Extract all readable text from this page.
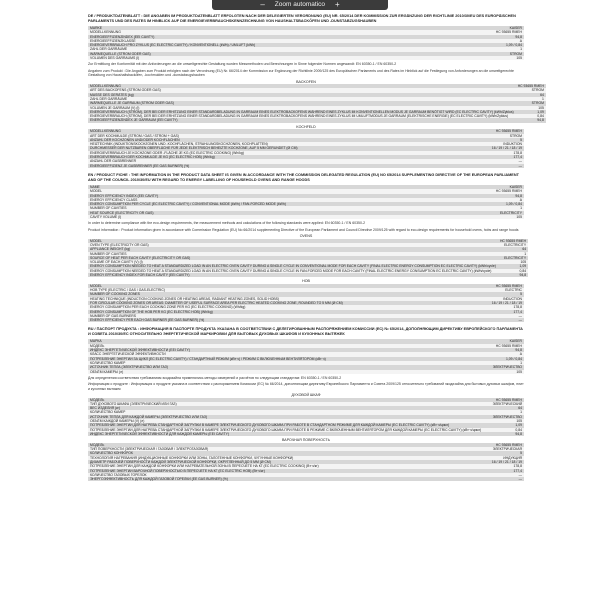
–	Zoom automatico	+

DE / PRODUKTDATENBLATT : DIE ANGABEN IM PRODUKTDATENBLATT ERFOLGTEN NACH DER DELEGIERTEN VERORDNUNG (EU) NR. 65/2014 DER KOMMISSION ZUR ERGÄNZUNG DER RICHTLINIE 2010/30/EU DES EUROPÄISCHEN PARLAMENTS UND DES RATES IM HINBLICK AUF DIE ENERGIEVERBRAUCHSKENNZEICHNUNG VON HAUSHALTSBACKÖFEN UND -DUNSTABZUGSHAUBEN

MARKE	KAISER
MODELLKENNUNG	HC 93655 RMEH
ENERGIEEFFIZIENZINDEX (EEI CAVITY)	94,8
ENERGIEEFFIZIENZKLASSE	A
ENERGIEVERBRAUCH PRO ZYKLUS (EC ELECTRIC CAVITY) / KONVENTIONELL (kWh) / UMLUFT (kWh)	1,09 / 0,84
ZAHL DER GARRÄUME	1
WÄRMEQUELLE (STROM ODER GAS)	STROM
VOLUMEN DES GARRAUMS (l)	105

Zur Ermittlung der Konformität mit den Anforderungen an die umweltgerechte Gestaltung wurden Messmethoden und Berechnungen in Sinne folgender Normen angewandt: EN 60350-1 / EN 60350-2

Angaben zum Produkt : Die Angaben zum Produkt erfolgten nach der Verordnung (EU) Nr. 66/2014 der Kommission zur Ergänzung der Richtlinie 2009/125 des Europäischen Parlaments und des Rates im Hinblick auf die Festlegung von Anforderungen an die umweltgerechte Gestaltung von Haushaltsbacköfen, -kochmulden und -dunstabzugshauben

BACKOFEN

MODELLKENNUNG	HC 93655 RMEH
ART DES BACKOFENS (STROM ODER GAS)	STROM
MASSE DES GERÄTES (kg)	64
ZAHL DER GARRÄUME	1
WÄRMEQUELLE JE GARRAUM (STROM ODER GAS)	STROM
VOLUMEN JE GARRAUM (V) (l)	105
ENERGIEVERBRAUCH (STROM), DER BEI DER ERHITZUNG EINER STANDARDBELADUNG IN GARRAUM EINES ELEKTROBACKOFENS WÄHREND EINES ZYKLUS IM KONVENTIONELLEN MODUS JE GARRAUM BENÖTIGT WIRD (EC ELECTRIC CAVITY) (kWh/Zyklus)	1,09
ENERGIEVERBRAUCH (STROM), DER BEI DER ERHITZUNG EINER STANDARDBELADUNG IN GARRAUM EINES ELEKTROBACKOFENS WÄHREND EINES ZYKLUS IM UMLUFTMODUS JE GARRAUM (ELEKTRISCHE ENERGIE) (EC ELECTRIC CAVITY) (kWh/Zyklus)	0,84
ENERGIEEFFIZIENZINDEX JE GARRAUM (EEI CAVITY)	94,8

KOCHFELD

MODELLKENNUNG	HC 93655 RMEH
ART DER KOCHMULDE (STROM / GAS / STROM + GAS)	STROM
ANZAHL DER KOCHZONEN UND/ODER KOCHFLÄCHEN	5
HEIZTECHNIK (INDUKTIONSKOCHZONEN UND -KOCHFLÄCHEN, STRAHLUNGSKOCHZONEN, KOCHPLATTEN)	INDUKTION
DURCHMESSER DER NUTZBAREN OBERFLÄCHE FÜR JEDE ELEKTRISCH BEHEIZTE KOCHZONE, AUF 5 MM GERUNDET (Ø CM)	16 / 19 / 21 / 18 / 19
ENERGIEVERBRAUCH JE KOCHZONE ODER -FLÄCHE JE KG (EC ELECTRIC COOKING) (Wh/kg)	178,8
ENERGIEVERBRAUCH DER KOCHMULDE JE KG (EC ELECTRIC HOB) (Wh/kg)	177,4
ANZAHL DER GASBRENNER	—
ENERGIEEFFIZIENZ JE GASBRENNER (EE GAS BURNER) (%)	—

EN / PRODUCT FICHE : THE INFORMATION IN THE PRODUCT DATA SHEET IS GIVEN IN ACCORDANCE WITH THE COMMISSION DELEGATED REGULATION (EU) NO 65/2014 SUPPLEMENTING DIRECTIVE OF THE EUROPEAN PARLIAMENT AND OF THE COUNCIL 2010/30/EU WITH REGARD TO ENERGY LABELLING OF HOUSEHOLD OVENS AND RANGE HOODS

NAME	KAISER
MODEL	HC 93655 RMEH
ENERGY EFFICIENCY INDEX (EEI CAVITY)	94,8
ENERGY EFFICIENCY CLASS	A
ENERGY CONSUMPTION PER CYCLE (EC ELECTRIC CAVITY) / CONVENTIONAL MODE (kWh) / FAN-FORCED MODE (kWh)	1,09 / 0,84
NUMBER OF CAVITIES	1
HEAT SOURCE (ELECTRICITY OR GAS)	ELECTRICITY
CAVITY VOLUME (l)	105

In order to determine compliance with the eco-design requirements, the measurement methods and calculations of the following standards were applied: EN 60350-1 / EN 60350-2

Product information : Product information given in accordance with Commission Regulation (EU) No 66/2014 supplementing Directive of the European Parliament and Council Directive 2009/125 with regard to eco-design requirements for household ovens, hobs and range hoods

OVENS

MODEL	HC 93655 RMEH
OVEN TYPE (ELECTRICITY OR GAS)	ELECTRICITY
APPLIANCE WEIGHT (kg)	64
NUMBER OF CAVITIES	1
SOURCE OF HEAT PER EACH CAVITY (ELECTRICITY OR GAS)	ELECTRICITY
VOLUME OF EACH CAVITY (V) (l)	105
ENERGY CONSUMPTION NEEDED TO HEAT A STANDARDIZED LOAD IN AN ELECTRIC OVEN CAVITY DURING A SINGLE CYCLE IN CONVENTIONAL MODE FOR EACH CAVITY (FINAL ELECTRIC ENERGY CONSUMPTION EC ELECTRIC CAVITY) (kWh/cycle)	1,09
ENERGY CONSUMPTION NEEDED TO HEAT A STANDARDIZED LOAD IN AN ELECTRIC OVEN CAVITY DURING A SINGLE CYCLE IN FAN-FORCED MODE FOR EACH CAVITY (FINAL ELECTRIC ENERGY CONSUMPTION EC ELECTRIC CAVITY) (kWh/cycle)	0,84
ENERGY EFFICIENCY INDEX FOR EACH CAVITY (EEI CAVITY)	94,8

HOB

MODEL	HC 93655 RMEH
HOB TYPE (ELECTRIC / GAS / GAS-ELECTRIC)	ELECTRIC
NUMBER OF COOKING ZONES	5
HEATING TECHNIQUE (INDUCTION COOKING ZONES OR HEATING AREAS, RADIANT HEATING ZONES, SOLID HOBS)	INDUCTION
FOR CIRCULAR COOKING ZONES OR AREAS: DIAMETER OF USEFUL SURFACE AREA PER ELECTRIC HEATED COOKING ZONE, ROUNDED TO 5 MM (Ø CM)	16 / 19 / 21 / 18 / 19
ENERGY CONSUMPTION PER EACH COOKING ZONE PER KG (EC ELECTRIC COOKING) (Wh/kg)	178,8
ENERGY CONSUMPTION OF THE HOB PER KG (EC ELECTRIC HOB) (Wh/kg)	177,4
NUMBER OF GAS BURNERS	—
ENERGY EFFICIENCY PER EACH GAS BURNER (EE GAS BURNER) (%)	—

RU / ПАСПОРТ ПРОДУКТА : ИНФОРМАЦИЯ В ПАСПОРТЕ ПРОДУКТА УКАЗАНА В СООТВЕТСТВИИ С ДЕЛЕГИРОВАННЫМ РАСПОРЯЖЕНИЕМ КОМИССИИ (ЕС) № 65/2014, ДОПОЛНЯЮЩИМ ДИРЕКТИВУ ЕВРОПЕЙСКОГО ПАРЛАМЕНТА И СОВЕТА 2010/30/ЕС ОТНОСИТЕЛЬНО ЭНЕРГЕТИЧЕСКОЙ МАРКИРОВКИ ДЛЯ БЫТОВЫХ ДУХОВЫХ ШКАФОВ И КУХОННЫХ ВЫТЯЖЕК

МАРКА	KAISER
МОДЕЛЬ	HC 93655 RMEH
ИНДЕКС ЭНЕРГЕТИЧЕСКОЙ ЭФФЕКТИВНОСТИ (EEI CAVITY)	94,8
КЛАСС ЭНЕРГЕТИЧЕСКОЙ ЭФФЕКТИВНОСТИ	A
ПОТРЕБЛЕНИЕ ЭНЕРГИИ ЗА ЦИКЛ (EC ELECTRIC CAVITY) / СТАНДАРТНЫЙ РЕЖИМ (кВт·ч) / РЕЖИМ С ВКЛЮЧЕННЫМ ВЕНТИЛЯТОРОМ (кВт·ч)	1,09 / 0,84
КОЛИЧЕСТВО КАМЕР	1
ИСТОЧНИК ТЕПЛА (ЭЛЕКТРИЧЕСТВО ИЛИ ГАЗ)	ЭЛЕКТРИЧЕСТВО
ОБЪЁМ КАМЕРЫ (л)	105

Для определения соответствия требованиям экодизайна применялись методы измерений и расчётов по следующим стандартам: EN 60350-1 / EN 60350-2

Информация о продукте : Информация о продукте указана в соответствии с распоряжением Комиссии (ЕС) № 66/2014, дополняющим директиву Европейского Парламента и Совета 2009/125 относительно требований экодизайна для бытовых духовых шкафов, плит и кухонных вытяжек

ДУХОВОЙ ШКАФ

МОДЕЛЬ	HC 93655 RMEH
ТИП ДУХОВОГО ШКАФА (ЭЛЕКТРИЧЕСКИЙ ИЛИ ГАЗ)	ЭЛЕКТРИЧЕСКИЙ
ВЕС ИЗДЕЛИЯ (кг)	64
КОЛИЧЕСТВО КАМЕР	1
ИСТОЧНИК ТЕПЛА ДЛЯ КАЖДОЙ КАМЕРЫ (ЭЛЕКТРИЧЕСТВО ИЛИ ГАЗ)	ЭЛЕКТРИЧЕСТВО
ОБЪЁМ КАЖДОЙ КАМЕРЫ (V) (л)	105
ПОТРЕБЛЕНИЕ ЭНЕРГИИ ДЛЯ НАГРЕВА СТАНДАРТНОЙ ЗАГРУЗКИ В КАМЕРЕ ЭЛЕКТРИЧЕСКОГО ДУХОВОГО ШКАФА ПРИ РАБОТЕ В СТАНДАРТНОМ РЕЖИМЕ ДЛЯ КАЖДОЙ КАМЕРЫ (EC ELECTRIC CAVITY) (кВт·ч/цикл)	1,09
ПОТРЕБЛЕНИЕ ЭНЕРГИИ ДЛЯ НАГРЕВА СТАНДАРТНОЙ ЗАГРУЗКИ В КАМЕРЕ ЭЛЕКТРИЧЕСКОГО ДУХОВОГО ШКАФА ПРИ РАБОТЕ В РЕЖИМЕ С ВКЛЮЧЕННЫМ ВЕНТИЛЯТОРОМ ДЛЯ КАЖДОЙ КАМЕРЫ (EC ELECTRIC CAVITY) (кВт·ч/цикл)	0,84
ИНДЕКС ЭНЕРГЕТИЧЕСКОЙ ЭФФЕКТИВНОСТИ ДЛЯ КАЖДОЙ КАМЕРЫ (EEI CAVITY)	94,8

ВАРОЧНАЯ ПОВЕРХНОСТЬ

МОДЕЛЬ	HC 93655 RMEH
ТИП ПОВЕРХНОСТИ (ЭЛЕКТРИЧЕСКАЯ / ГАЗОВАЯ / ЭЛЕКТРОГАЗОВАЯ)	ЭЛЕКТРИЧЕСКАЯ
КОЛИЧЕСТВО КОНФОРОК	5
ТЕХНОЛОГИЯ НАГРЕВАНИЯ (ИНДУКЦИОННЫЕ КОНФОРКИ ИЛИ ЗОНЫ, ГАЛОГЕННЫЕ КОНФОРКИ, ЧУГУННЫЕ КОНФОРКИ)	ИНДУКЦИЯ
ДИАМЕТР РАБОЧЕЙ ПОВЕРХНОСТИ КАЖДОЙ ЭЛЕКТРИЧЕСКОЙ КОНФОРКИ, ОКРУГЛЕННЫЙ ДО 5 ММ (Ø СМ)	16 / 19 / 21 / 18 / 19
ПОТРЕБЛЕНИЕ ЭНЕРГИИ ДЛЯ КАЖДОЙ КОНФОРКИ ИЛИ НАГРЕВАТЕЛЬНОЙ ЗОНЫ В ПЕРЕСЧЕТЕ НА КГ (EC ELECTRIC COOKING) (Вт·ч/кг)	178,8
ПОТРЕБЛЕНИЕ ЭНЕРГИИ ВАРОЧНОЙ ПОВЕРХНОСТЬЮ В ПЕРЕСЧЕТЕ НА КГ (EC ELECTRIC HOB) (Вт·ч/кг)	177,4
КОЛИЧЕСТВО ГАЗОВЫХ ГОРЕЛОК	—
ЭНЕРГОЭФФЕКТИВНОСТЬ ДЛЯ КАЖДОЙ ГАЗОВОЙ ГОРЕЛКИ (EE GAS BURNER) (%)	—
